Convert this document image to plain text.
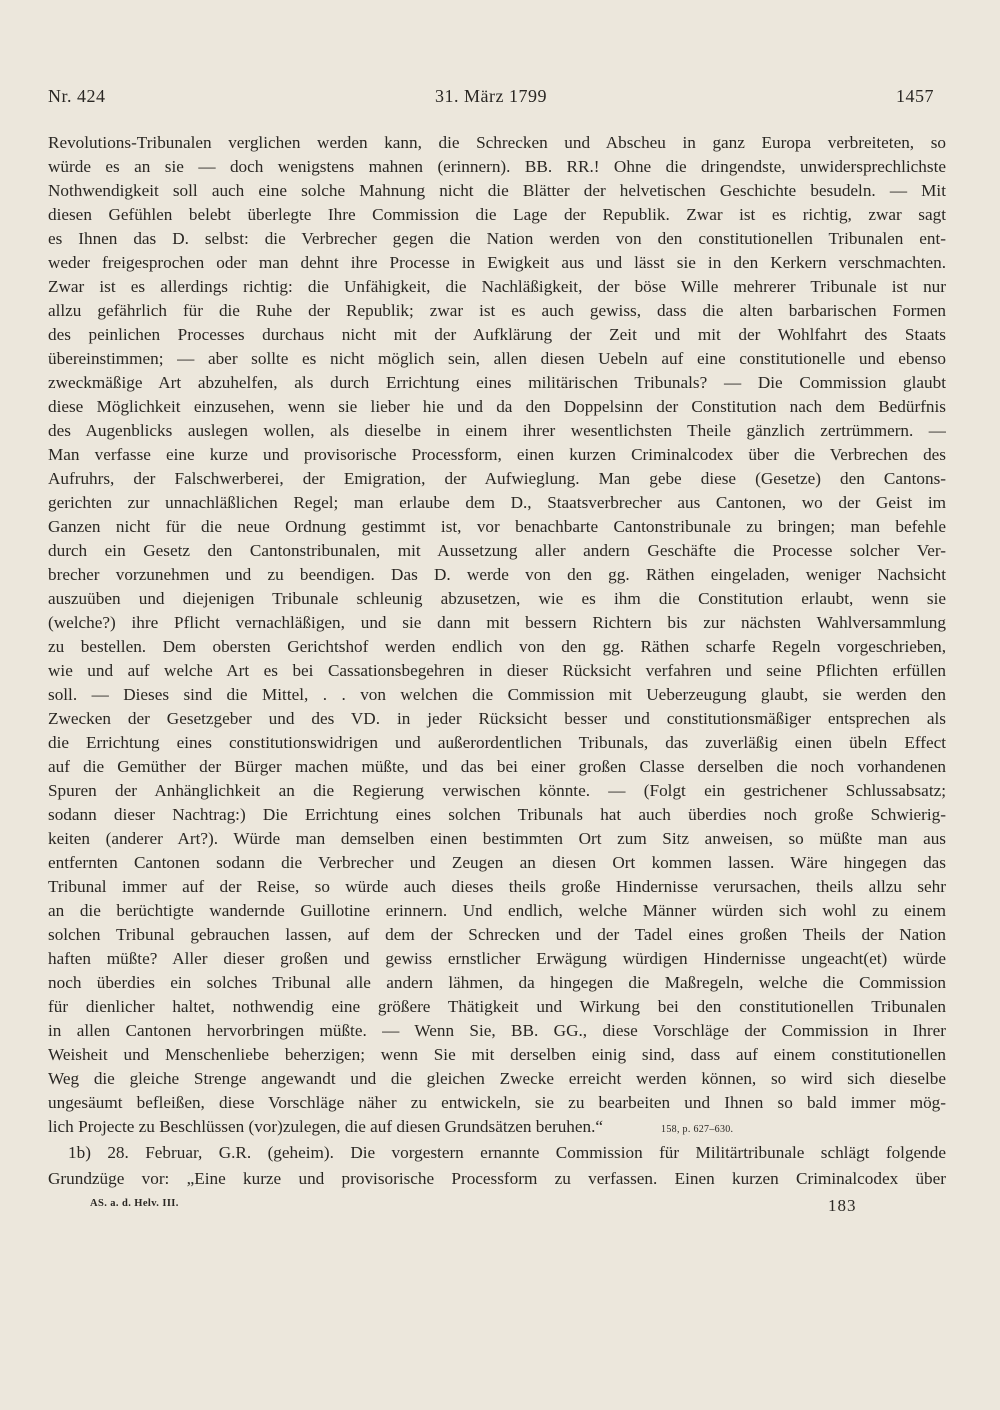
Nr. 424	31. März 1799	1457
Revolutions-Tribunalen verglichen werden kann, die Schrecken und Abscheu in ganz Europa verbreiteten, so
würde es an sie — doch wenigstens mahnen (erinnern). BB. RR.! Ohne die dringendste, unwidersprechlichste
Nothwendigkeit soll auch eine solche Mahnung nicht die Blätter der helvetischen Geschichte besudeln. — Mit
diesen Gefühlen belebt überlegte Ihre Commission die Lage der Republik. Zwar ist es richtig, zwar sagt
es Ihnen das D. selbst: die Verbrecher gegen die Nation werden von den constitutionellen Tribunalen ent-
weder freigesprochen oder man dehnt ihre Processe in Ewigkeit aus und lässt sie in den Kerkern verschmachten.
Zwar ist es allerdings richtig: die Unfähigkeit, die Nachläßigkeit, der böse Wille mehrerer Tribunale ist nur
allzu gefährlich für die Ruhe der Republik; zwar ist es auch gewiss, dass die alten barbarischen Formen
des peinlichen Processes durchaus nicht mit der Aufklärung der Zeit und mit der Wohlfahrt des Staats
übereinstimmen; — aber sollte es nicht möglich sein, allen diesen Uebeln auf eine constitutionelle und ebenso
zweckmäßige Art abzuhelfen, als durch Errichtung eines militärischen Tribunals? — Die Commission glaubt
diese Möglichkeit einzusehen, wenn sie lieber hie und da den Doppelsinn der Constitution nach dem Bedürfnis
des Augenblicks auslegen wollen, als dieselbe in einem ihrer wesentlichsten Theile gänzlich zertrümmern. —
Man verfasse eine kurze und provisorische Processform, einen kurzen Criminalcodex über die Verbrechen des
Aufruhrs, der Falschwerberei, der Emigration, der Aufwieglung. Man gebe diese (Gesetze) den Cantons-
gerichten zur unnachläßlichen Regel; man erlaube dem D., Staatsverbrecher aus Cantonen, wo der Geist im
Ganzen nicht für die neue Ordnung gestimmt ist, vor benachbarte Cantonstribunale zu bringen; man befehle
durch ein Gesetz den Cantonstribunalen, mit Aussetzung aller andern Geschäfte die Processe solcher Ver-
brecher vorzunehmen und zu beendigen. Das D. werde von den gg. Räthen eingeladen, weniger Nachsicht
auszuüben und diejenigen Tribunale schleunig abzusetzen, wie es ihm die Constitution erlaubt, wenn sie
(welche?) ihre Pflicht vernachläßigen, und sie dann mit bessern Richtern bis zur nächsten Wahlversammlung
zu bestellen. Dem obersten Gerichtshof werden endlich von den gg. Räthen scharfe Regeln vorgeschrieben,
wie und auf welche Art es bei Cassationsbegehren in dieser Rücksicht verfahren und seine Pflichten erfüllen
soll. — Dieses sind die Mittel, . . von welchen die Commission mit Ueberzeugung glaubt, sie werden den
Zwecken der Gesetzgeber und des VD. in jeder Rücksicht besser und constitutionsmäßiger entsprechen als
die Errichtung eines constitutionswidrigen und außerordentlichen Tribunals, das zuverläßig einen übeln Effect
auf die Gemüther der Bürger machen müßte, und das bei einer großen Classe derselben die noch vorhandenen
Spuren der Anhänglichkeit an die Regierung verwischen könnte. — (Folgt ein gestrichener Schlussabsatz;
sodann dieser Nachtrag:) Die Errichtung eines solchen Tribunals hat auch überdies noch große Schwierig-
keiten (anderer Art?). Würde man demselben einen bestimmten Ort zum Sitz anweisen, so müßte man aus
entfernten Cantonen sodann die Verbrecher und Zeugen an diesen Ort kommen lassen. Wäre hingegen das
Tribunal immer auf der Reise, so würde auch dieses theils große Hindernisse verursachen, theils allzu sehr
an die berüchtigte wandernde Guillotine erinnern. Und endlich, welche Männer würden sich wohl zu einem
solchen Tribunal gebrauchen lassen, auf dem der Schrecken und der Tadel eines großen Theils der Nation
haften müßte? Aller dieser großen und gewiss ernstlicher Erwägung würdigen Hindernisse ungeacht(et) würde
noch überdies ein solches Tribunal alle andern lähmen, da hingegen die Maßregeln, welche die Commission
für dienlicher haltet, nothwendig eine größere Thätigkeit und Wirkung bei den constitutionellen Tribunalen
in allen Cantonen hervorbringen müßte. — Wenn Sie, BB. GG., diese Vorschläge der Commission in Ihrer
Weisheit und Menschenliebe beherzigen; wenn Sie mit derselben einig sind, dass auf einem constitutionellen
Weg die gleiche Strenge angewandt und die gleichen Zwecke erreicht werden können, so wird sich dieselbe
ungesäumt befleißen, diese Vorschläge näher zu entwickeln, sie zu bearbeiten und Ihnen so bald immer mög-
lich Projecte zu Beschlüssen (vor)zulegen, die auf diesen Grundsätzen beruhen.“	158, p. 627–630.
1b) 28. Februar, G.R. (geheim). Die vorgestern ernannte Commission für Militärtribunale schlägt folgende
Grundzüge vor: „Eine kurze und provisorische Processform zu verfassen. Einen kurzen Criminalcodex über
AS. a. d. Helv. III.	183
